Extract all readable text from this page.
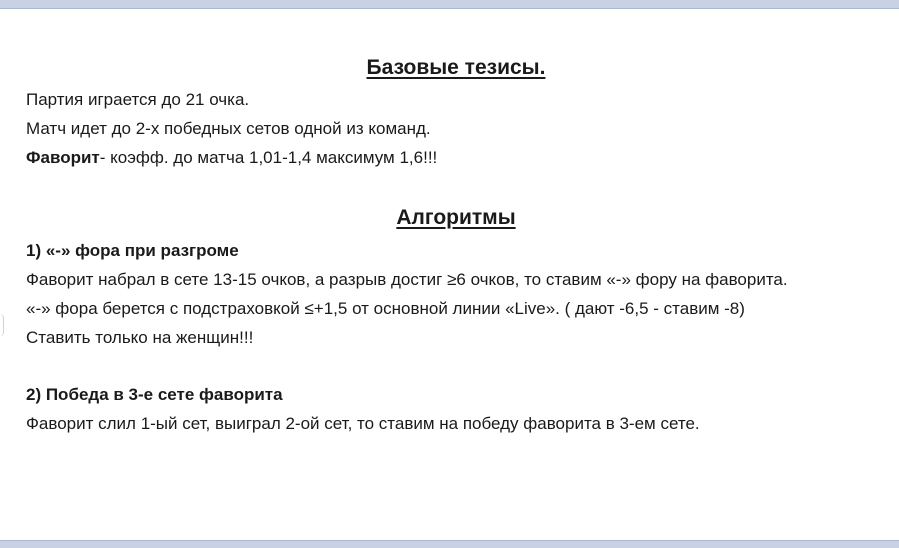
Базовые тезисы.

Партия играется до 21 очка.

Матч идет до 2-х победных сетов одной из команд.

Фаворит- коэфф. до матча 1,01-1,4 максимум 1,6!!!

Алгоритмы

1) «-» фора при разгроме

Фаворит набрал в сете 13-15 очков, а разрыв достиг ≥6 очков, то ставим «-» фору на фаворита.

«-» фора берется с подстраховкой ≤+1,5 от основной линии «Live». ( дают -6,5 - ставим -8)

Ставить только на женщин!!!

2) Победа в 3-е сете фаворита

Фаворит слил 1-ый сет, выиграл 2-ой сет, то ставим на победу фаворита в 3-ем сете.
